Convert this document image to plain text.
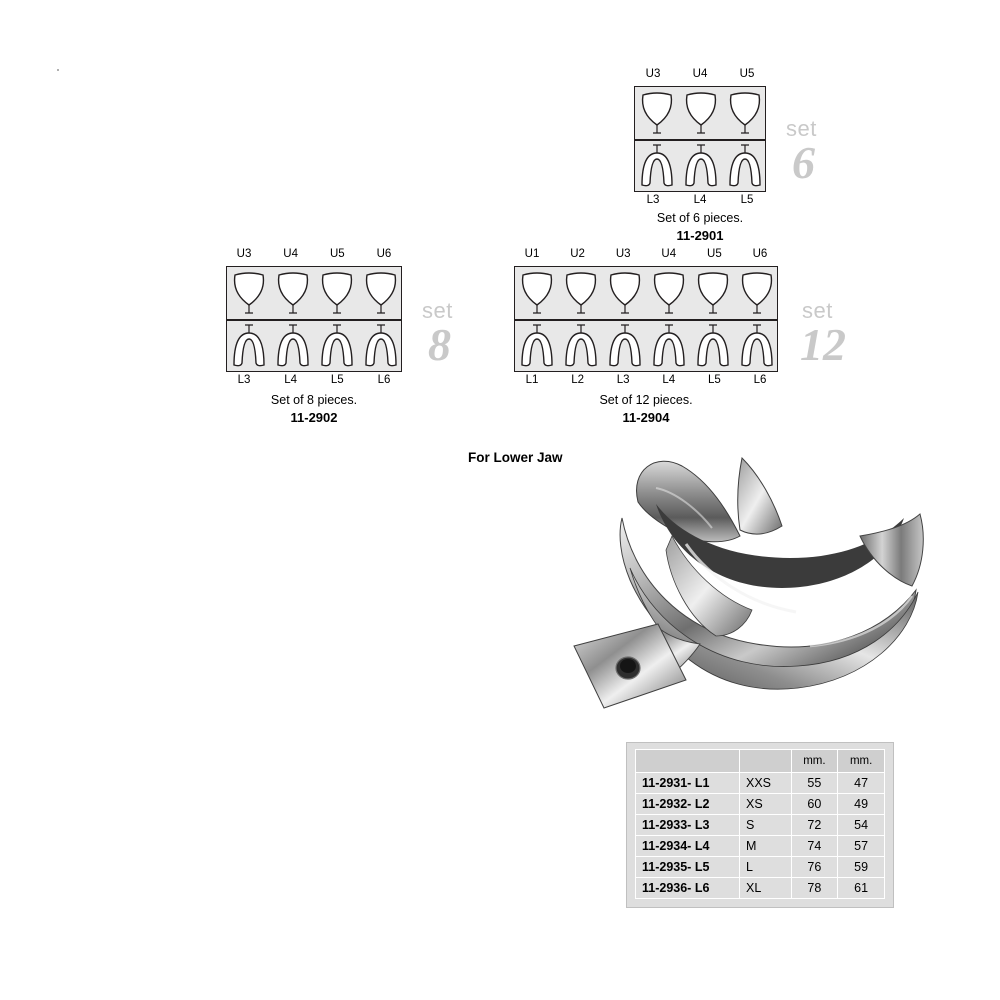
U3	U4	U5
L3	L4	L5
set
6
Set of 6 pieces.
11-2901
U3	U4	U5	U6
L3	L4	L5	L6
set
8
Set of 8 pieces.
11-2902
U1	U2	U3	U4	U5	U6
L1	L2	L3	L4	L5	L6
set
12
Set of 12 pieces.
11-2904
For Lower Jaw
		mm.	mm.
11-2931- L1	XXS	55	47
11-2932- L2	XS	60	49
11-2933- L3	S	72	54
11-2934- L4	M	74	57
11-2935- L5	L	76	59
11-2936- L6	XL	78	61
